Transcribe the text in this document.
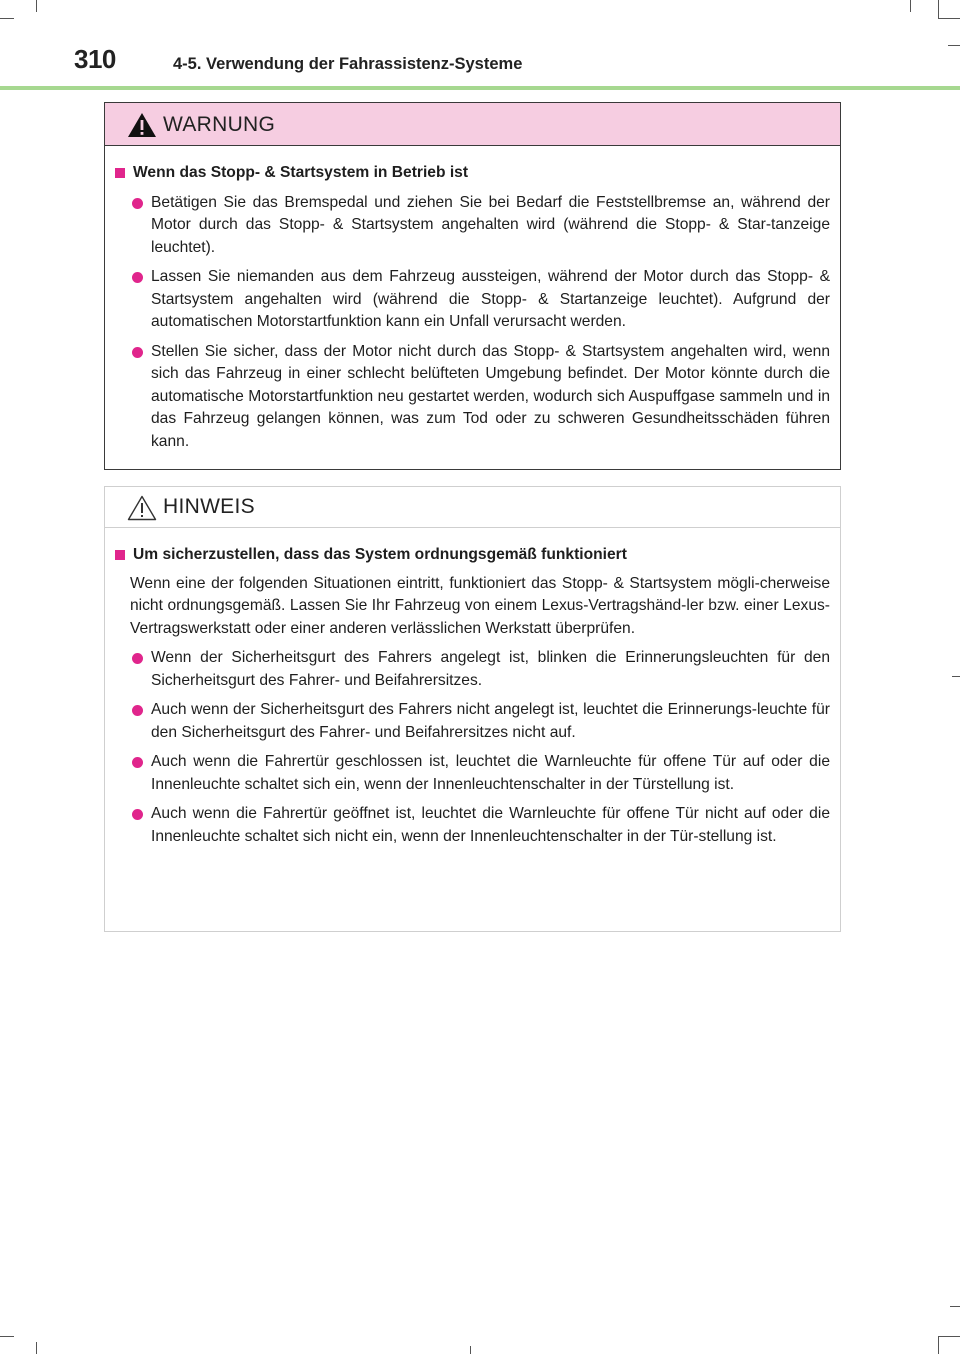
310	4-5. Verwendung der Fahrassistenz-Systeme
WARNUNG
Wenn das Stopp- & Startsystem in Betrieb ist
Betätigen Sie das Bremspedal und ziehen Sie bei Bedarf die Feststellbremse an, während der Motor durch das Stopp- & Startsystem angehalten wird (während die Stopp- & Star-tanzeige leuchtet).
Lassen Sie niemanden aus dem Fahrzeug aussteigen, während der Motor durch das Stopp- & Startsystem angehalten wird (während die Stopp- & Startanzeige leuchtet). Aufgrund der automatischen Motorstartfunktion kann ein Unfall verursacht werden.
Stellen Sie sicher, dass der Motor nicht durch das Stopp- & Startsystem angehalten wird, wenn sich das Fahrzeug in einer schlecht belüfteten Umgebung befindet. Der Motor könnte durch die automatische Motorstartfunktion neu gestartet werden, wodurch sich Auspuffgase sammeln und in das Fahrzeug gelangen können, was zum Tod oder zu schweren Gesundheitsschäden führen kann.
HINWEIS
Um sicherzustellen, dass das System ordnungsgemäß funktioniert
Wenn eine der folgenden Situationen eintritt, funktioniert das Stopp- & Startsystem mögli-cherweise nicht ordnungsgemäß. Lassen Sie Ihr Fahrzeug von einem Lexus-Vertragshänd-ler bzw. einer Lexus-Vertragswerkstatt oder einer anderen verlässlichen Werkstatt überprüfen.
Wenn der Sicherheitsgurt des Fahrers angelegt ist, blinken die Erinnerungsleuchten für den Sicherheitsgurt des Fahrer- und Beifahrersitzes.
Auch wenn der Sicherheitsgurt des Fahrers nicht angelegt ist, leuchtet die Erinnerungs-leuchte für den Sicherheitsgurt des Fahrer- und Beifahrersitzes nicht auf.
Auch wenn die Fahrertür geschlossen ist, leuchtet die Warnleuchte für offene Tür auf oder die Innenleuchte schaltet sich ein, wenn der Innenleuchtenschalter in der Türstellung ist.
Auch wenn die Fahrertür geöffnet ist, leuchtet die Warnleuchte für offene Tür nicht auf oder die Innenleuchte schaltet sich nicht ein, wenn der Innenleuchtenschalter in der Tür-stellung ist.
